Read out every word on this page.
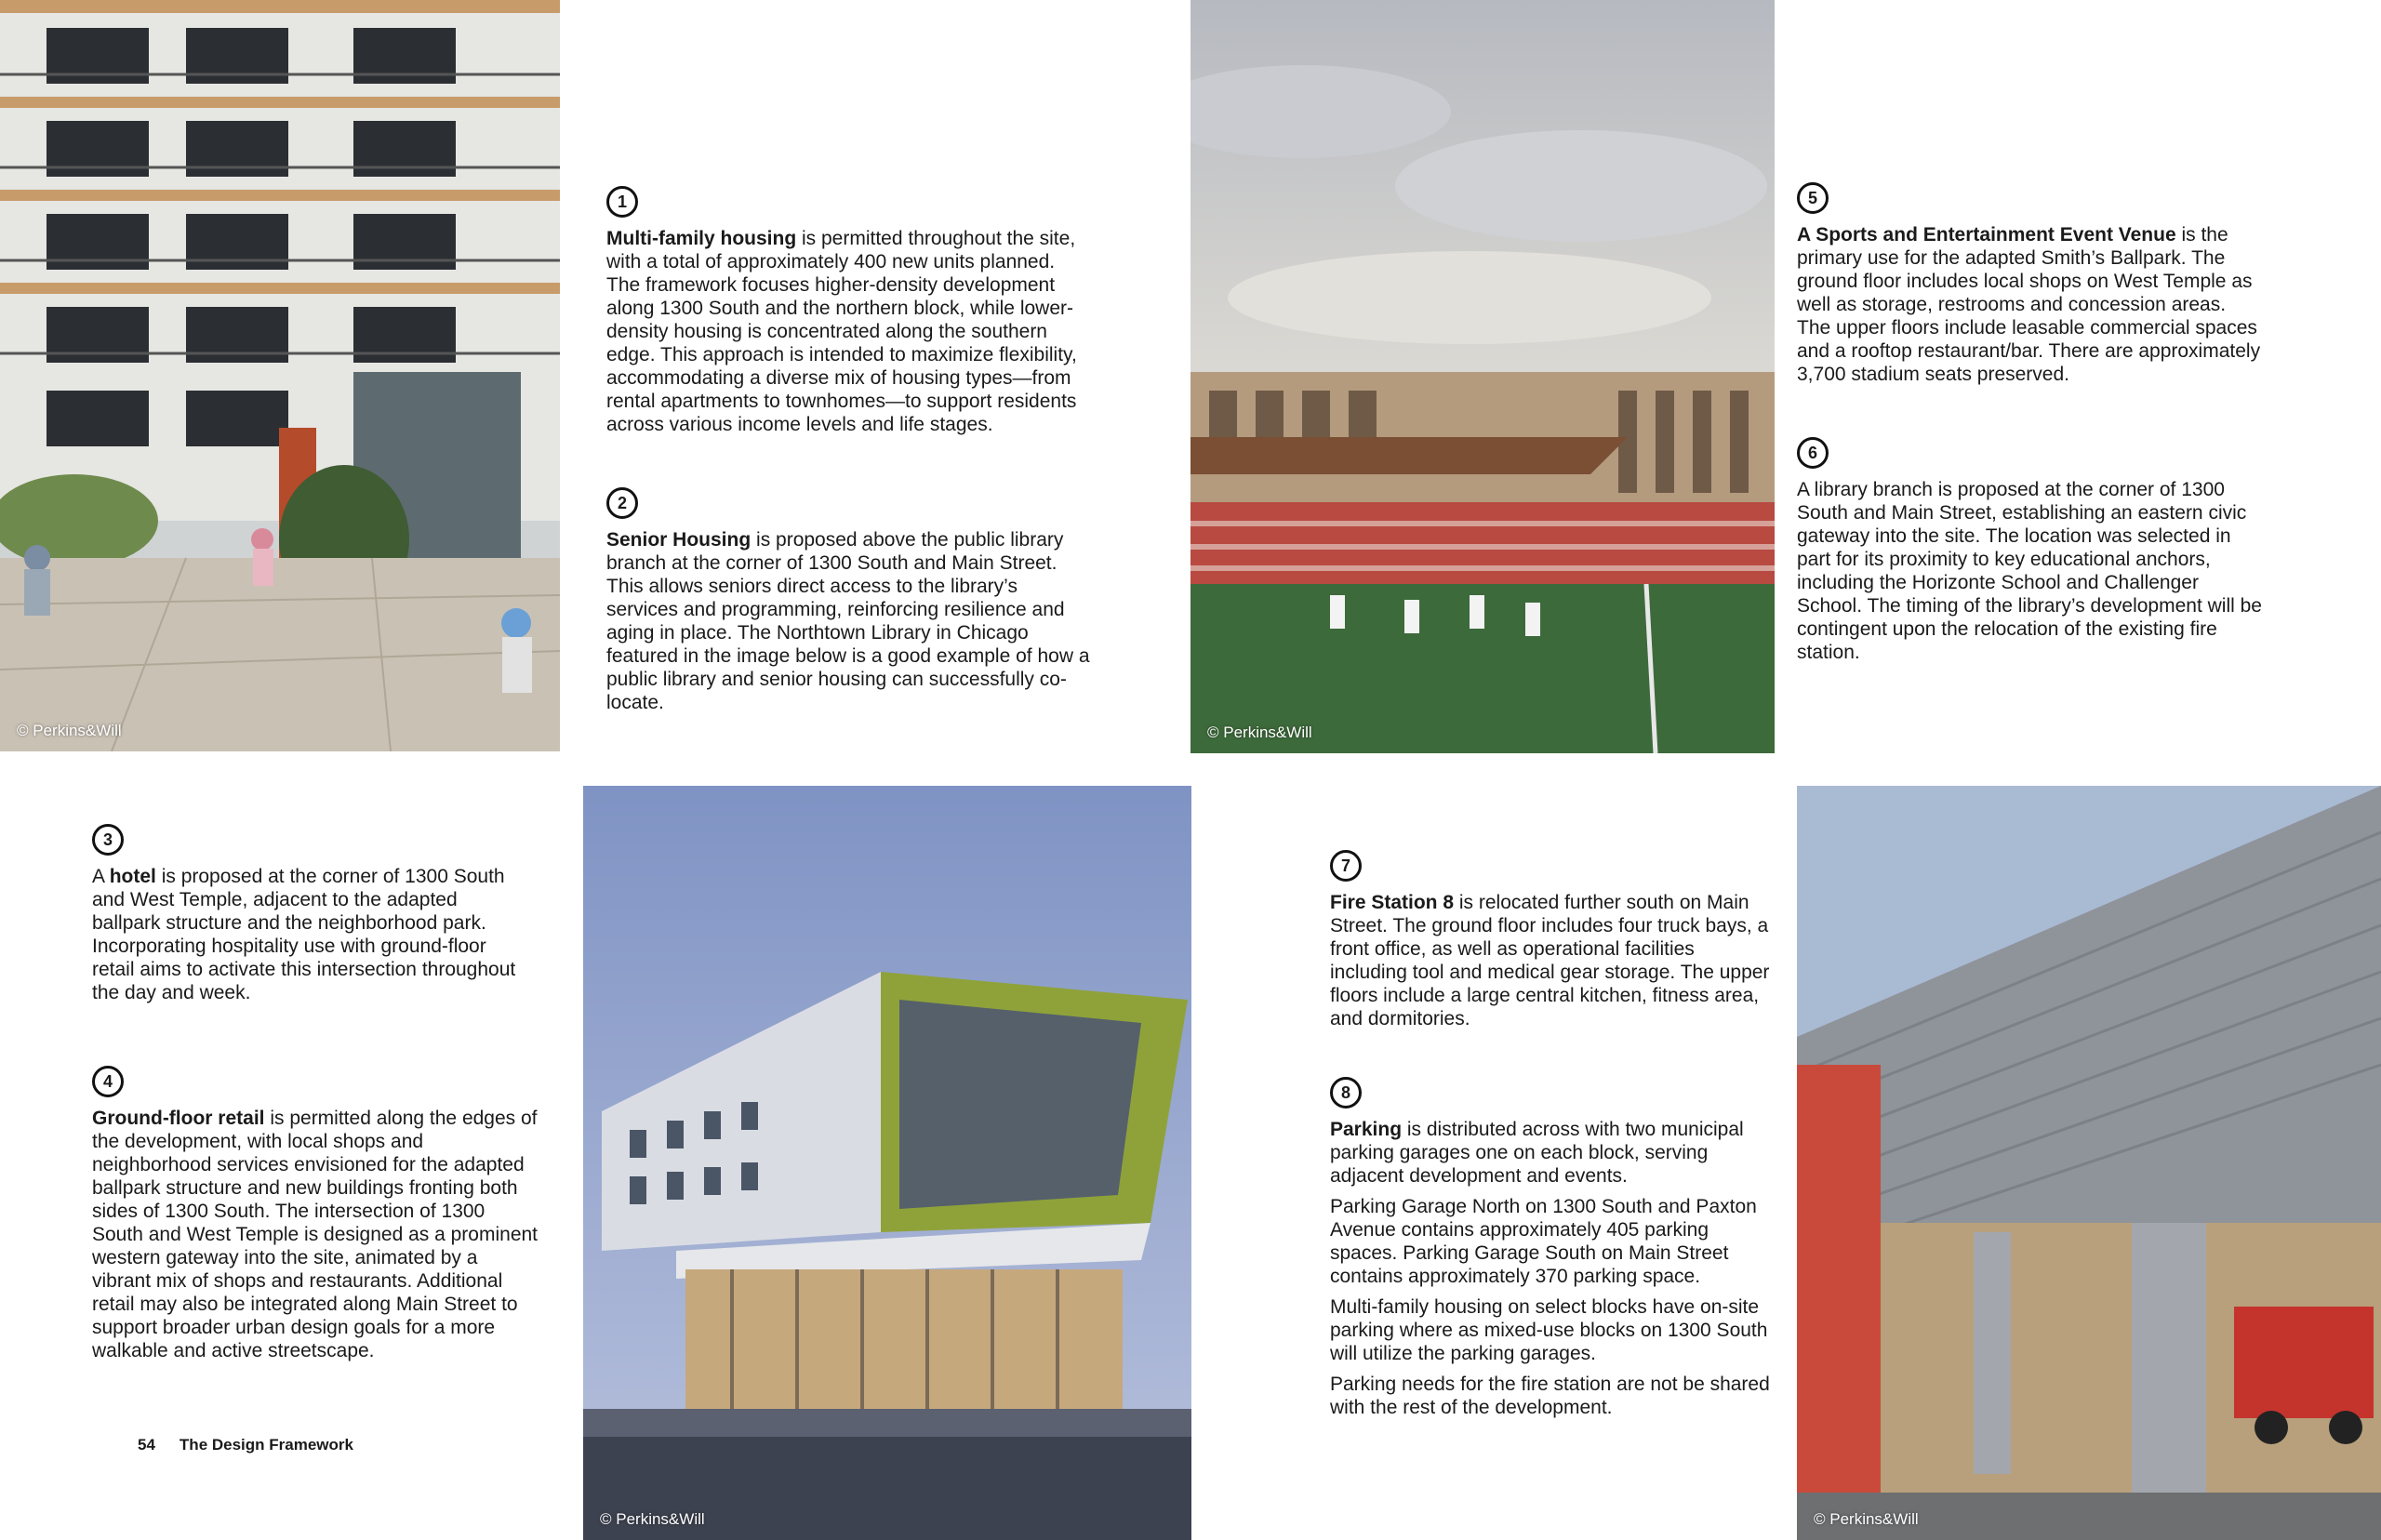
© Perkins&Will	© Perkins&Will
© Perkins&Will	© Perkins&Will
1

Multi-family housing is permitted throughout the site, with a total of approximately 400 new units planned. The framework focuses higher-density development along 1300 South and the northern block, while lower-density housing is concentrated along the southern edge. This approach is intended to maximize flexibility, accommodating a diverse mix of housing types—from rental apartments to townhomes—to support residents across various income levels and life stages.

2

Senior Housing is proposed above the public library branch at the corner of 1300 South and Main Street. This allows seniors direct access to the library’s services and programming, reinforcing resilience and aging in place. The Northtown Library in Chicago featured in the image below is a good example of how a public library and senior housing can successfully co-locate.

3

A hotel is proposed at the corner of 1300 South and West Temple, adjacent to the adapted ballpark structure and the neighborhood park. Incorporating hospitality use with ground-floor retail aims to activate this intersection throughout the day and week.

4

Ground-floor retail is permitted along the edges of the development, with local shops and neighborhood services envisioned for the adapted ballpark structure and new buildings fronting both sides of 1300 South. The intersection of 1300 South and West Temple is designed as a prominent western gateway into the site, animated by a vibrant mix of shops and restaurants. Additional retail may also be integrated along Main Street to support broader urban design goals for a more walkable and active streetscape.

5

A Sports and Entertainment Event Venue is the primary use for the adapted Smith’s Ballpark. The ground floor includes local shops on West Temple as well as storage, restrooms and concession areas. The upper floors include leasable commercial spaces and a rooftop restaurant/bar. There are approximately 3,700 stadium seats preserved.

6

A library branch is proposed at the corner of 1300 South and Main Street, establishing an eastern civic gateway into the site. The location was selected in part for its proximity to key educational anchors, including the Horizonte School and Challenger School. The timing of the library’s development will be contingent upon the relocation of the existing fire station.

7

Fire Station 8 is relocated further south on Main Street. The ground floor includes four truck bays, a front office, as well as operational facilities including tool and medical gear storage. The upper floors include a large central kitchen, fitness area, and dormitories.

8

Parking is distributed across with two municipal parking garages one on each block, serving adjacent development and events.

Parking Garage North on 1300 South and Paxton Avenue contains approximately 405 parking spaces. Parking Garage South on Main Street contains approximately 370 parking space.

Multi-family housing on select blocks have on-site parking where as mixed-use blocks on 1300 South will utilize the parking garages.

Parking needs for the fire station are not be shared with the rest of the development.

54 The Design Framework
